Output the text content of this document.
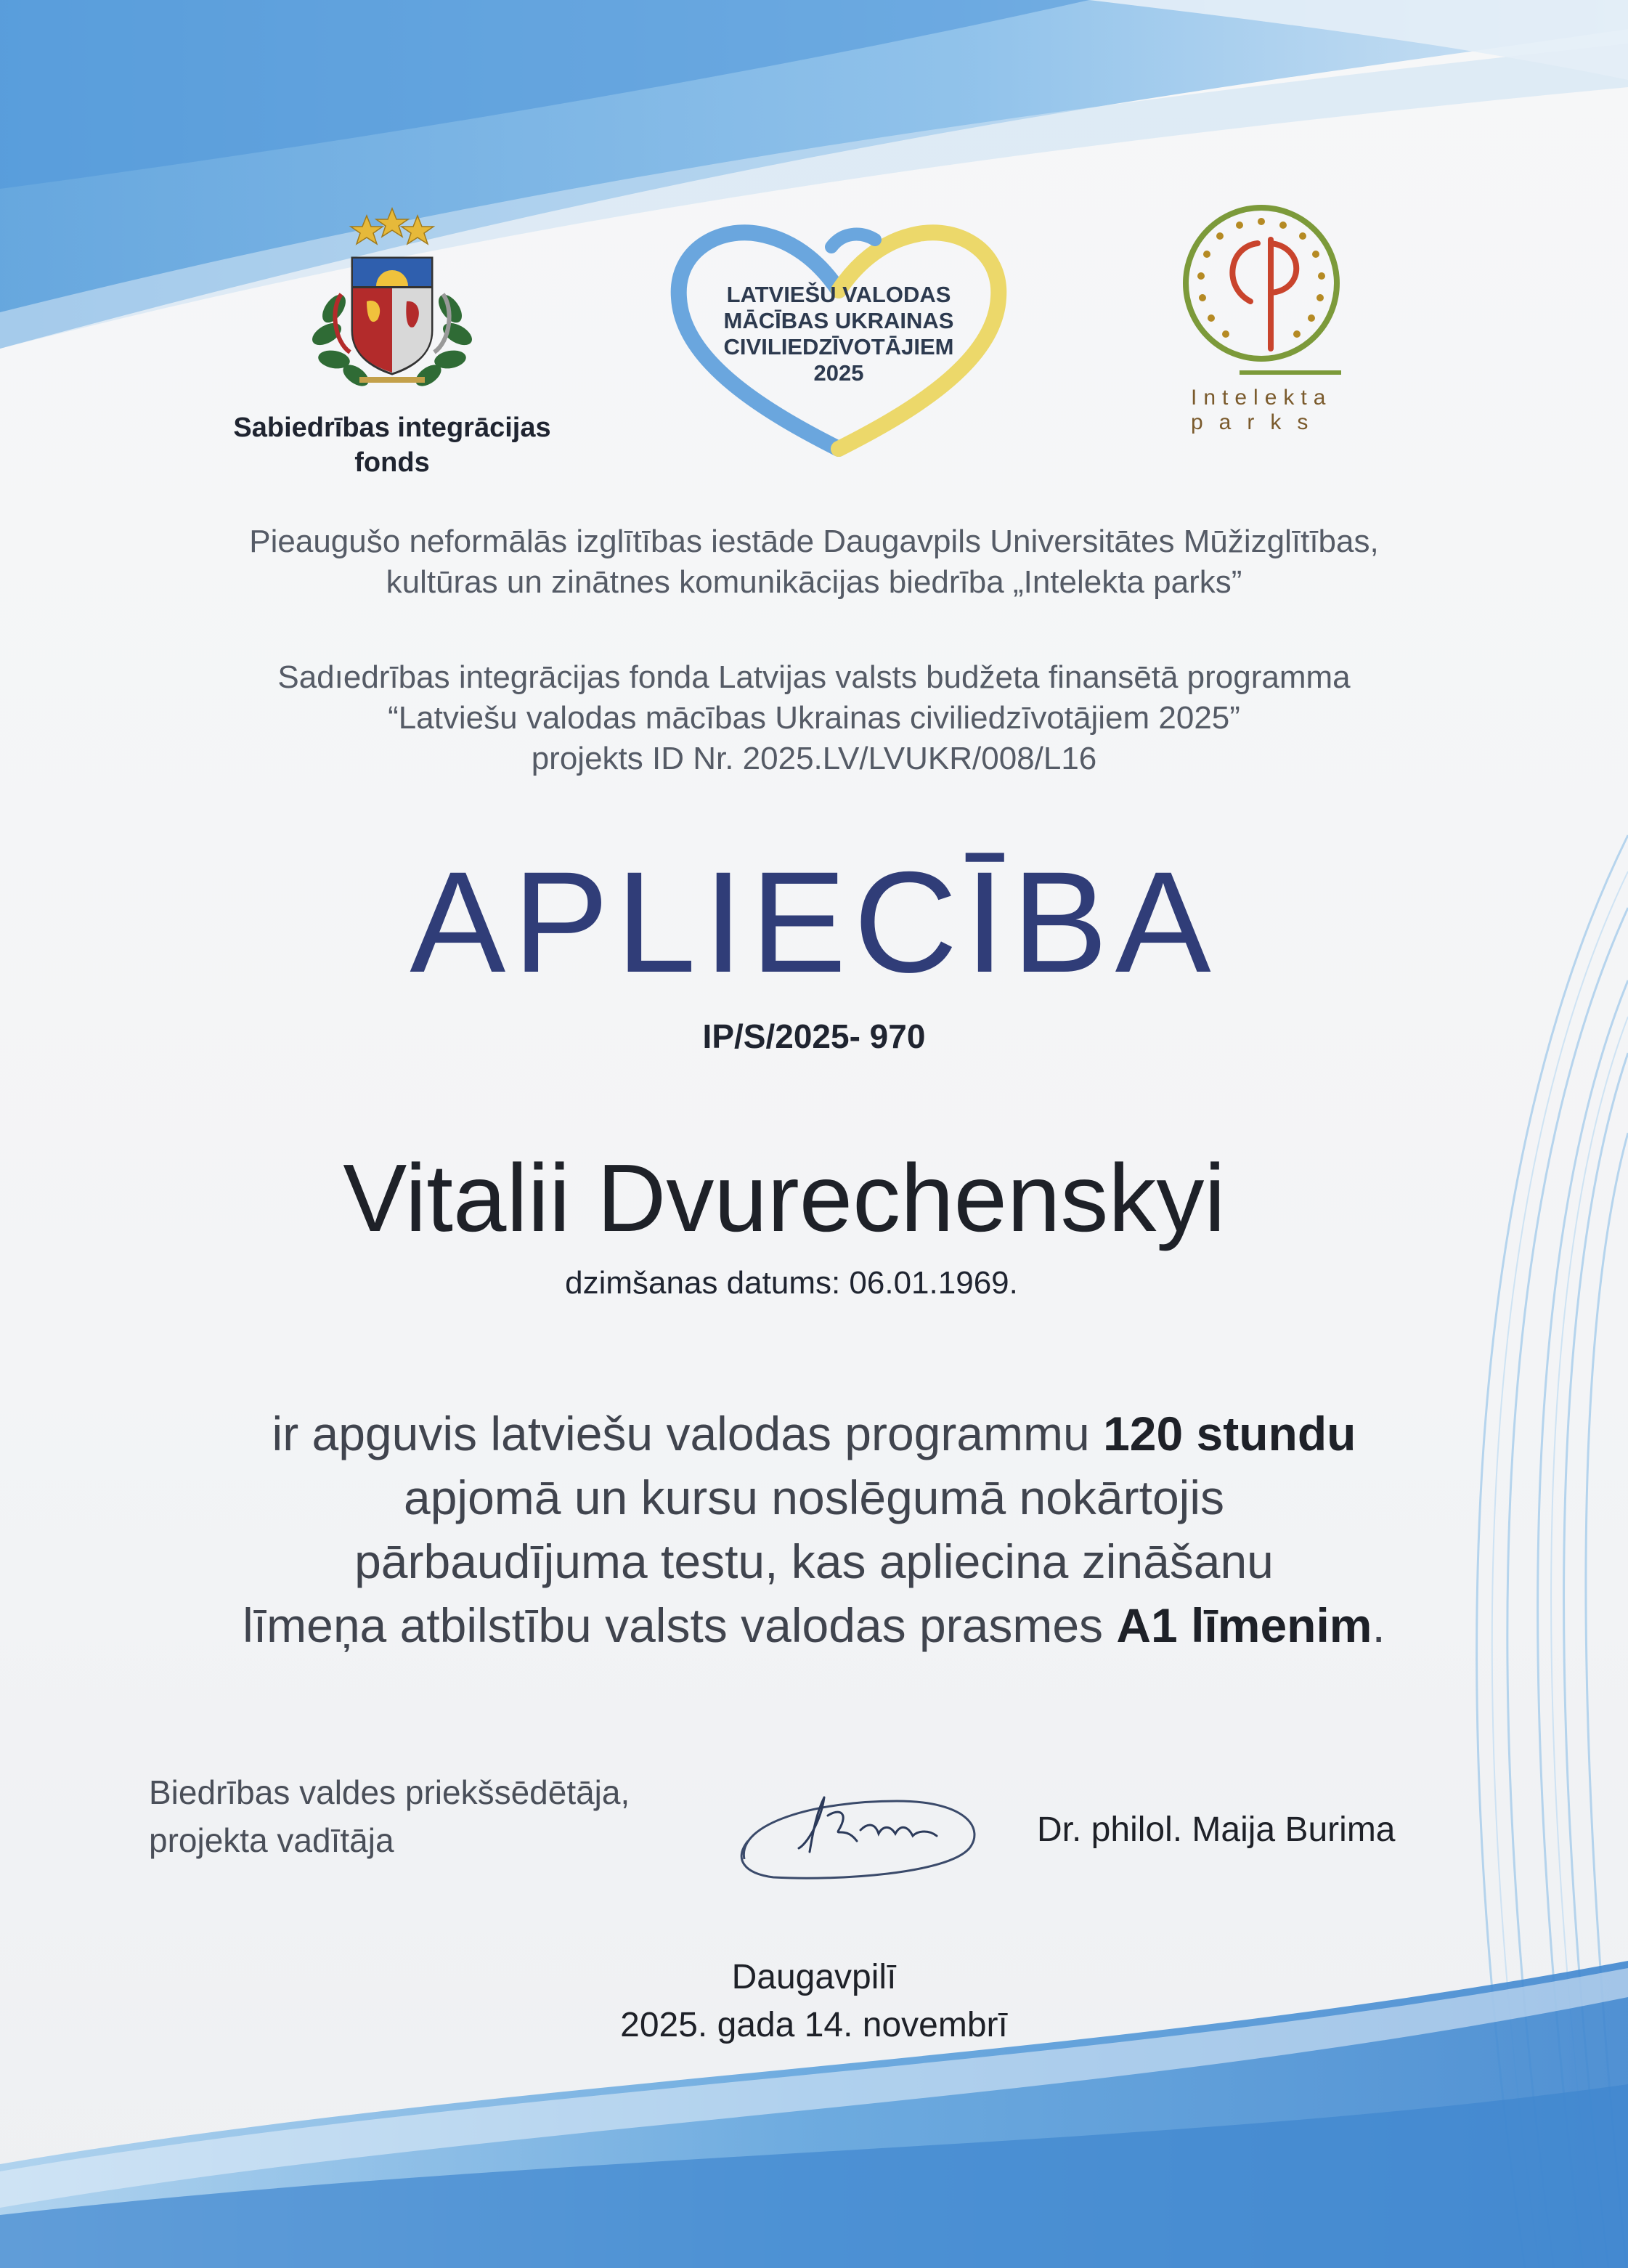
Sabiedrības integrācijas
fonds
LATVIEŠU VALODAS
MĀCĪBAS UKRAINAS
CIVILIEDZĪVOTĀJIEM
2025
Intelekta
parks
Pieaugušo neformālās izglītības iestāde Daugavpils Universitātes Mūžizglītības,
kultūras un zinātnes komunikācijas biedrība „Intelekta parks”
Sadıedrības integrācijas fonda Latvijas valsts budžeta finansētā programma
“Latviešu valodas mācības Ukrainas civiliedzīvotājiem 2025”
projekts ID Nr. 2025.LV/LVUKR/008/L16
APLIECĪBA
IP/S/2025- 970
Vitalii Dvurechenskyi
dzimšanas datums: 06.01.1969.
ir apguvis latviešu valodas programmu 120 stundu
apjomā un kursu noslēgumā nokārtojis
pārbaudījuma testu, kas apliecina zināšanu
līmeņa atbilstību valsts valodas prasmes A1 līmenim.
Biedrības valdes priekšsēdētāja,
projekta vadītāja	Dr. philol. Maija Burima
Daugavpilī
2025. gada 14. novembrī
